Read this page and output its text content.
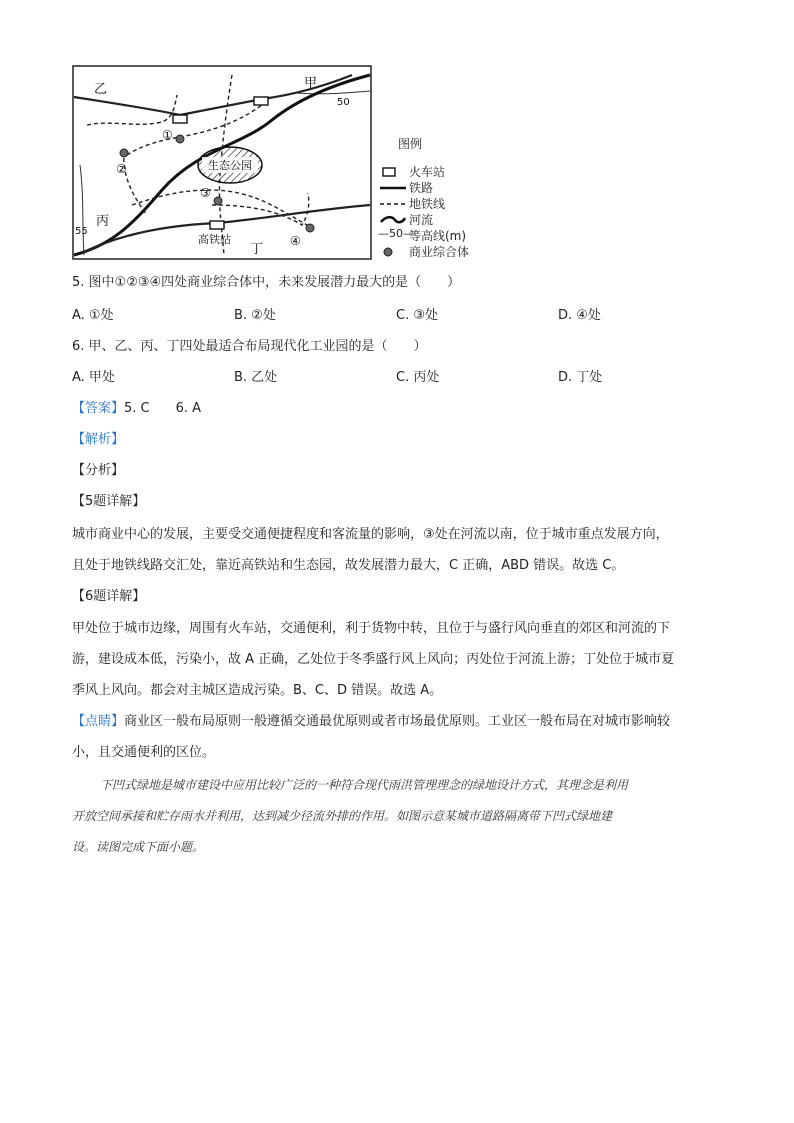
生态公园
乙	甲
丙
丁
50
55
高铁站
①
②
③
④
图例
火车站
铁路
地铁线
河流
—50—
等高线(m)
商业综合体
5. 图中①②③④四处商业综合体中，未来发展潜力最大的是（　　）
A. ①处	B. ②处	C. ③处	D. ④处
6. 甲、乙、丙、丁四处最适合布局现代化工业园的是（　　）
A. 甲处	B. 乙处	C. 丙处	D. 丁处
【答案】5. C　　6. A
【解析】
【分析】
【5题详解】
城市商业中心的发展，主要受交通便捷程度和客流量的影响，③处在河流以南，位于城市重点发展方向，
且处于地铁线路交汇处，靠近高铁站和生态园，故发展潜力最大，C 正确，ABD 错误。故选 C。
【6题详解】
甲处位于城市边缘，周围有火车站，交通便利，利于货物中转，且位于与盛行风向垂直的郊区和河流的下
游，建设成本低，污染小，故 A 正确，乙处位于冬季盛行风上风向；丙处位于河流上游；丁处位于城市夏
季风上风向。都会对主城区造成污染。B、C、D 错误。故选 A。
【点睛】商业区一般布局原则一般遵循交通最优原则或者市场最优原则。工业区一般布局在对城市影响较
小，且交通便利的区位。
下凹式绿地是城市建设中应用比较广泛的一种符合现代雨洪管理理念的绿地设计方式，其理念是利用
开放空间承接和贮存雨水并利用，达到减少径流外排的作用。如图示意某城市道路隔离带下凹式绿地建
设。读图完成下面小题。
